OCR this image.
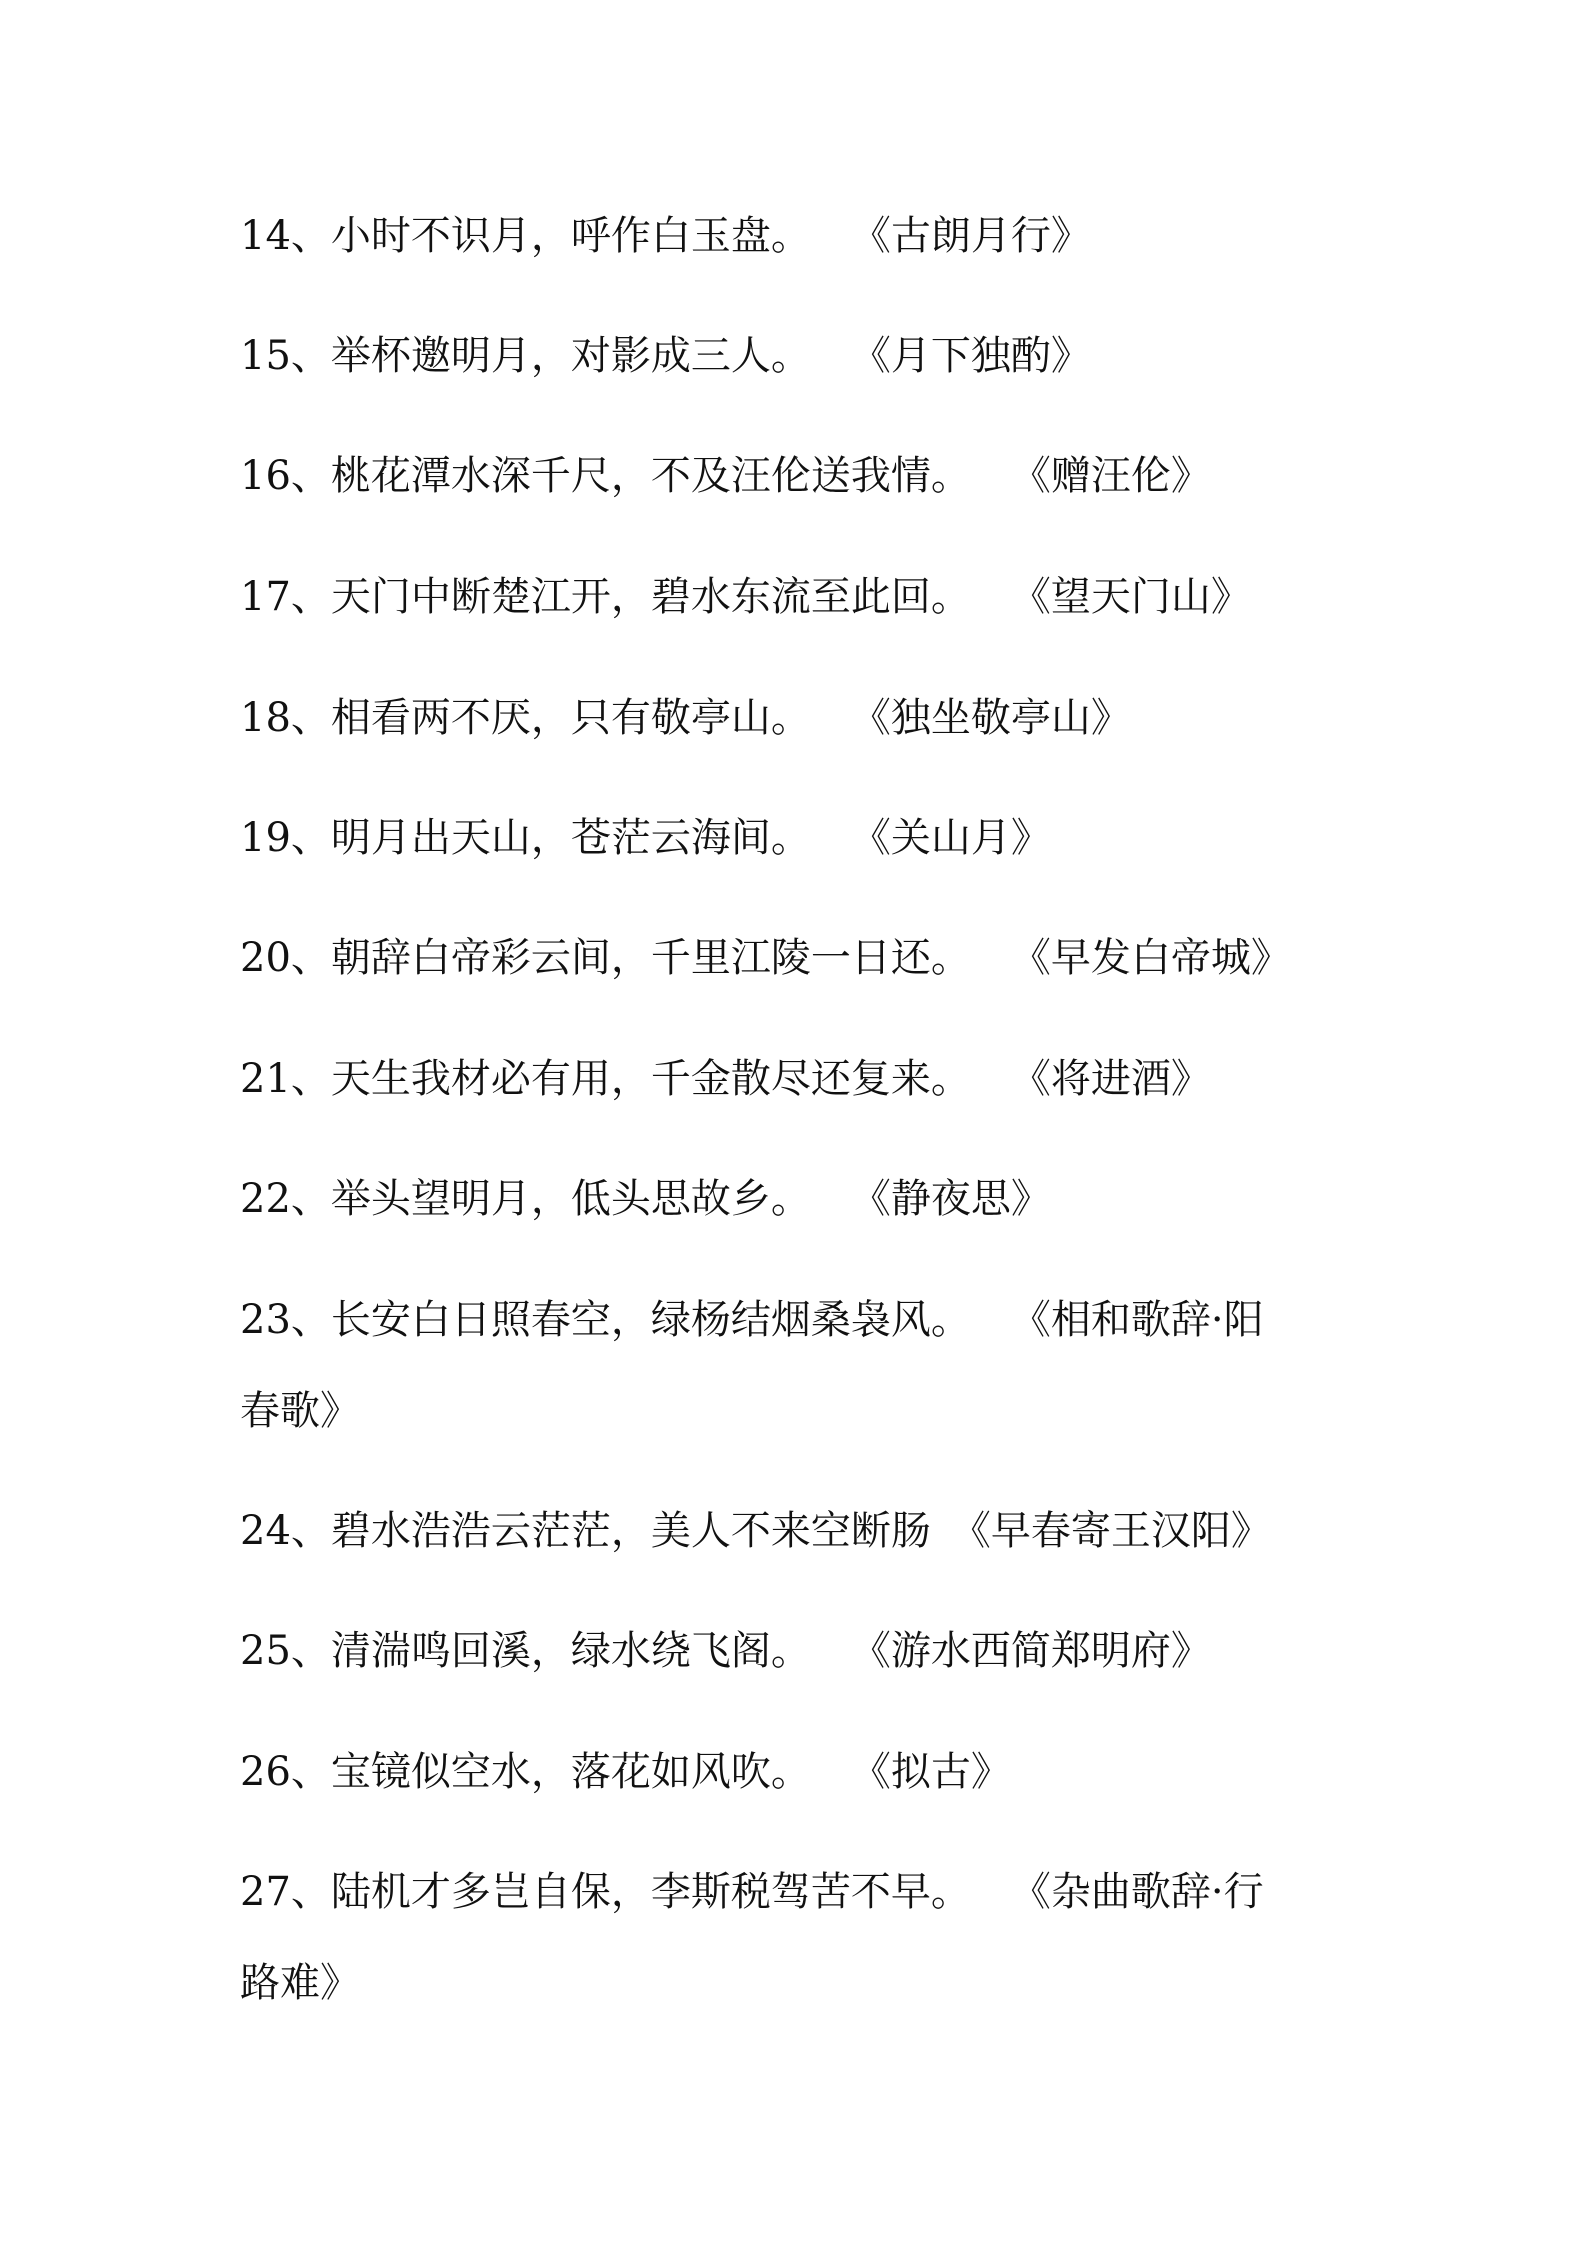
14、小时不识月，呼作白玉盘。　　《古朗月行》
15、举杯邀明月，对影成三人。　　《月下独酌》
16、桃花潭水深千尺，不及汪伦送我情。　　《赠汪伦》
17、天门中断楚江开，碧水东流至此回。　　《望天门山》
18、相看两不厌，只有敬亭山。　　《独坐敬亭山》
19、明月出天山，苍茫云海间。　　《关山月》
20、朝辞白帝彩云间，千里江陵一日还。　　《早发白帝城》
21、天生我材必有用，千金散尽还复来。　　《将进酒》
22、举头望明月，低头思故乡。　　《静夜思》
23、长安白日照春空，绿杨结烟桑袅风。　　《相和歌辞·阳
春歌》
24、碧水浩浩云茫茫，美人不来空断肠　《早春寄王汉阳》
25、清湍鸣回溪，绿水绕飞阁。　　《游水西简郑明府》
26、宝镜似空水，落花如风吹。　　《拟古》
27、陆机才多岂自保，李斯税驾苦不早。　　《杂曲歌辞·行
路难》
